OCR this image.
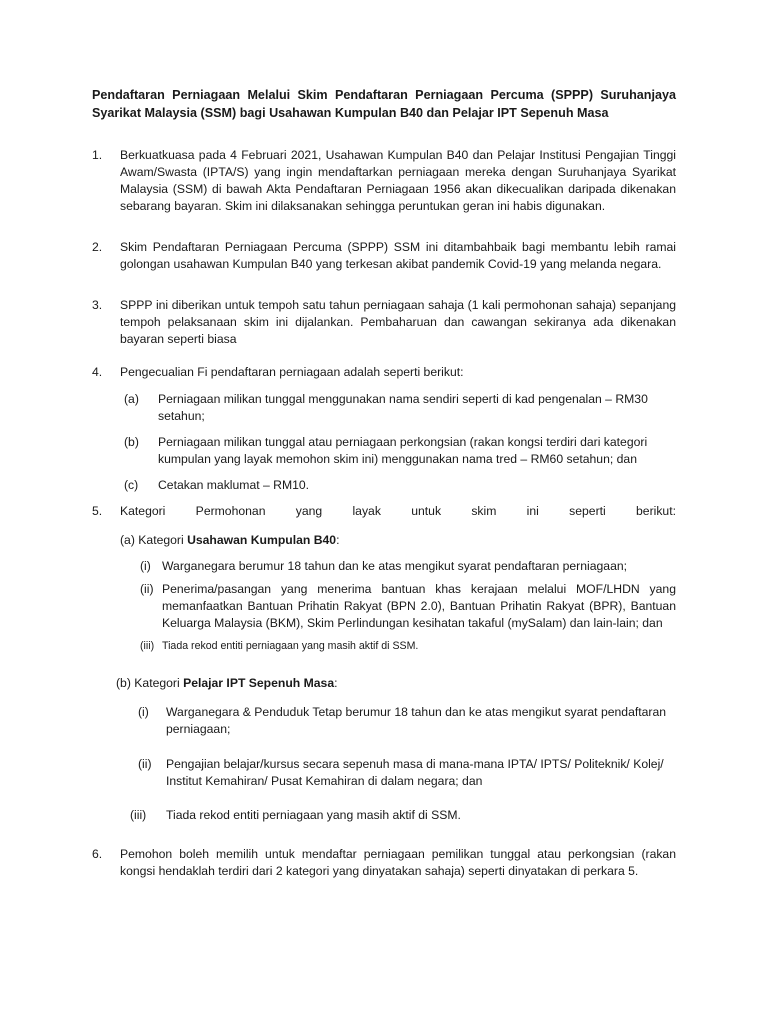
Pendaftaran Perniagaan Melalui Skim Pendaftaran Perniagaan Percuma (SPPP) Suruhanjaya Syarikat Malaysia (SSM) bagi Usahawan Kumpulan B40 dan Pelajar IPT Sepenuh Masa
1. Berkuatkuasa pada 4 Februari 2021, Usahawan Kumpulan B40 dan Pelajar Institusi Pengajian Tinggi Awam/Swasta (IPTA/S) yang ingin mendaftarkan perniagaan mereka dengan Suruhanjaya Syarikat Malaysia (SSM) di bawah Akta Pendaftaran Perniagaan 1956 akan dikecualikan daripada dikenakan sebarang bayaran. Skim ini dilaksanakan sehingga peruntukan geran ini habis digunakan.
2. Skim Pendaftaran Perniagaan Percuma (SPPP) SSM ini ditambahbaik bagi membantu lebih ramai golongan usahawan Kumpulan B40 yang terkesan akibat pandemik Covid-19 yang melanda negara.
3. SPPP ini diberikan untuk tempoh satu tahun perniagaan sahaja (1 kali permohonan sahaja) sepanjang tempoh pelaksanaan skim ini dijalankan. Pembaharuan dan cawangan sekiranya ada dikenakan bayaran seperti biasa
4. Pengecualian Fi pendaftaran perniagaan adalah seperti berikut:
(a) Perniagaan milikan tunggal menggunakan nama sendiri seperti di kad pengenalan – RM30 setahun;
(b) Perniagaan milikan tunggal atau perniagaan perkongsian (rakan kongsi terdiri dari kategori kumpulan yang layak memohon skim ini) menggunakan nama tred – RM60 setahun; dan
(c) Cetakan maklumat – RM10.
5. Kategori Permohonan yang layak untuk skim ini seperti berikut:
(a) Kategori Usahawan Kumpulan B40:
(i) Warganegara berumur 18 tahun dan ke atas mengikut syarat pendaftaran perniagaan;
(ii) Penerima/pasangan yang menerima bantuan khas kerajaan melalui MOF/LHDN yang memanfaatkan Bantuan Prihatin Rakyat (BPN 2.0), Bantuan Prihatin Rakyat (BPR), Bantuan Keluarga Malaysia (BKM), Skim Perlindungan kesihatan takaful (mySalam) dan lain-lain; dan
(iii) Tiada rekod entiti perniagaan yang masih aktif di SSM.
(b) Kategori Pelajar IPT Sepenuh Masa:
(i) Warganegara & Penduduk Tetap berumur 18 tahun dan ke atas mengikut syarat pendaftaran perniagaan;
(ii) Pengajian belajar/kursus secara sepenuh masa di mana-mana IPTA/ IPTS/ Politeknik/ Kolej/ Institut Kemahiran/ Pusat Kemahiran di dalam negara; dan
(iii) Tiada rekod entiti perniagaan yang masih aktif di SSM.
6. Pemohon boleh memilih untuk mendaftar perniagaan pemilikan tunggal atau perkongsian (rakan kongsi hendaklah terdiri dari 2 kategori yang dinyatakan sahaja) seperti dinyatakan di perkara 5.
